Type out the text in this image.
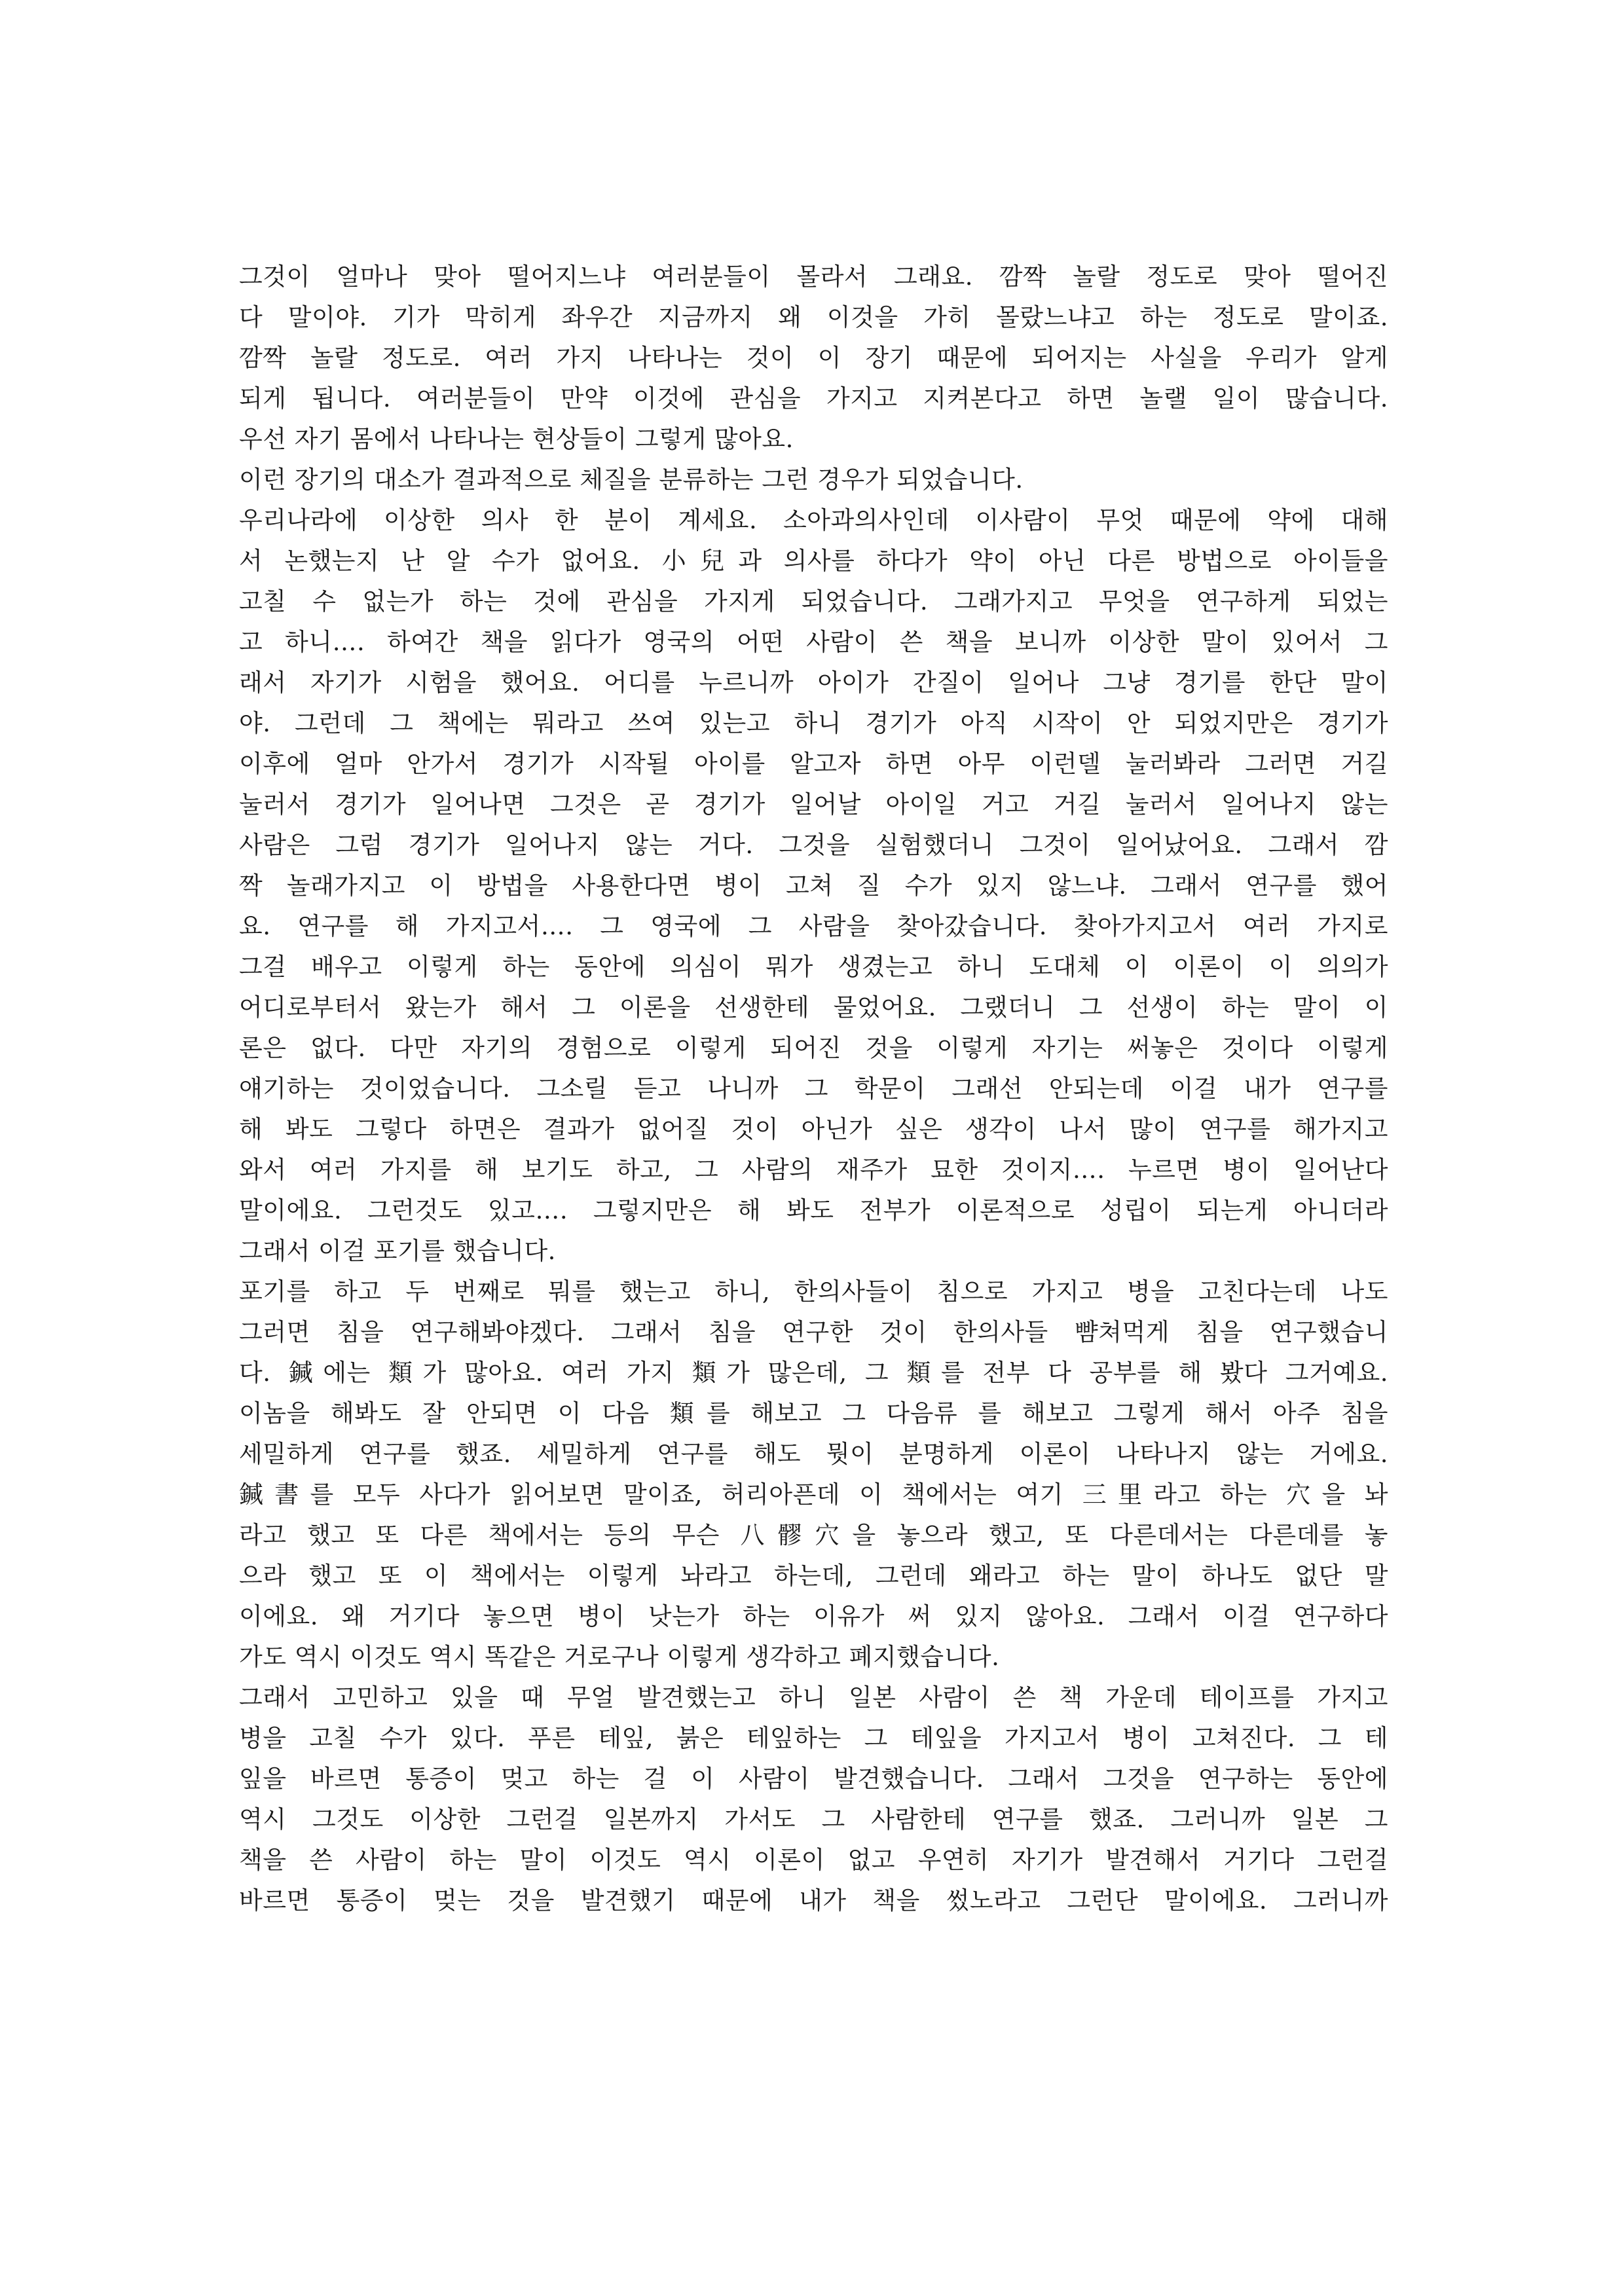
그것이 얼마나 맞아 떨어지느냐 여러분들이 몰라서 그래요. 깜짝 놀랄 정도로 맞아 떨어진
다 말이야. 기가 막히게 좌우간 지금까지 왜 이것을 가히 몰랐느냐고 하는 정도로 말이죠.
깜짝 놀랄 정도로. 여러 가지 나타나는 것이 이 장기 때문에 되어지는 사실을 우리가 알게
되게 됩니다. 여러분들이 만약 이것에 관심을 가지고 지켜본다고 하면 놀랠 일이 많습니다.
우선 자기 몸에서 나타나는 현상들이 그렇게 많아요.
이런 장기의 대소가 결과적으로 체질을 분류하는 그런 경우가 되었습니다.
우리나라에 이상한 의사 한 분이 계세요. 소아과의사인데 이사람이 무엇 때문에 약에 대해
서 논했는지 난 알 수가 없어요. 小兒과 의사를 하다가 약이 아닌 다른 방법으로 아이들을
고칠 수 없는가 하는 것에 관심을 가지게 되었습니다. 그래가지고 무엇을 연구하게 되었는
고 하니…. 하여간 책을 읽다가 영국의 어떤 사람이 쓴 책을 보니까 이상한 말이 있어서 그
래서 자기가 시험을 했어요. 어디를 누르니까 아이가 간질이 일어나 그냥 경기를 한단 말이
야. 그런데 그 책에는 뭐라고 쓰여 있는고 하니 경기가 아직 시작이 안 되었지만은 경기가
이후에 얼마 안가서 경기가 시작될 아이를 알고자 하면 아무 이런델 눌러봐라 그러면 거길
눌러서 경기가 일어나면 그것은 곧 경기가 일어날 아이일 거고 거길 눌러서 일어나지 않는
사람은 그럼 경기가 일어나지 않는 거다. 그것을 실험했더니 그것이 일어났어요. 그래서 깜
짝 놀래가지고 이 방법을 사용한다면 병이 고쳐 질 수가 있지 않느냐. 그래서 연구를 했어
요. 연구를 해 가지고서…. 그 영국에 그 사람을 찾아갔습니다. 찾아가지고서 여러 가지로
그걸 배우고 이렇게 하는 동안에 의심이 뭐가 생겼는고 하니 도대체 이 이론이 이 의의가
어디로부터서 왔는가 해서 그 이론을 선생한테 물었어요. 그랬더니 그 선생이 하는 말이 이
론은 없다. 다만 자기의 경험으로 이렇게 되어진 것을 이렇게 자기는 써놓은 것이다 이렇게
얘기하는 것이었습니다. 그소릴 듣고 나니까 그 학문이 그래선 안되는데 이걸 내가 연구를
해 봐도 그렇다 하면은 결과가 없어질 것이 아닌가 싶은 생각이 나서 많이 연구를 해가지고
와서 여러 가지를 해 보기도 하고, 그 사람의 재주가 묘한 것이지…. 누르면 병이 일어난다
말이에요. 그런것도 있고…. 그렇지만은 해 봐도 전부가 이론적으로 성립이 되는게 아니더라
그래서 이걸 포기를 했습니다.
포기를 하고 두 번째로 뭐를 했는고 하니, 한의사들이 침으로 가지고 병을 고친다는데 나도
그러면 침을 연구해봐야겠다. 그래서 침을 연구한 것이 한의사들 뺨쳐먹게 침을 연구했습니
다. 鍼에는 類가 많아요. 여러 가지 類가 많은데, 그 類를 전부 다 공부를 해 봤다 그거예요.
이놈을 해봐도 잘 안되면 이 다음 類를 해보고 그 다음류 를 해보고 그렇게 해서 아주 침을
세밀하게 연구를 했죠. 세밀하게 연구를 해도 뭣이 분명하게 이론이 나타나지 않는 거에요.
鍼書를 모두 사다가 읽어보면 말이죠, 허리아픈데 이 책에서는 여기 三里라고 하는 穴을 놔
라고 했고 또 다른 책에서는 등의 무슨 八髎穴을 놓으라 했고, 또 다른데서는 다른데를 놓
으라 했고 또 이 책에서는 이렇게 놔라고 하는데, 그런데 왜라고 하는 말이 하나도 없단 말
이에요. 왜 거기다 놓으면 병이 낫는가 하는 이유가 써 있지 않아요. 그래서 이걸 연구하다
가도 역시 이것도 역시 똑같은 거로구나 이렇게 생각하고 폐지했습니다.
그래서 고민하고 있을 때 무얼 발견했는고 하니 일본 사람이 쓴 책 가운데 테이프를 가지고
병을 고칠 수가 있다. 푸른 테잎, 붉은 테잎하는 그 테잎을 가지고서 병이 고쳐진다. 그 테
잎을 바르면 통증이 멎고 하는 걸 이 사람이 발견했습니다. 그래서 그것을 연구하는 동안에
역시 그것도 이상한 그런걸 일본까지 가서도 그 사람한테 연구를 했죠. 그러니까 일본 그
책을 쓴 사람이 하는 말이 이것도 역시 이론이 없고 우연히 자기가 발견해서 거기다 그런걸
바르면 통증이 멎는 것을 발견했기 때문에 내가 책을 썼노라고 그런단 말이에요. 그러니까
